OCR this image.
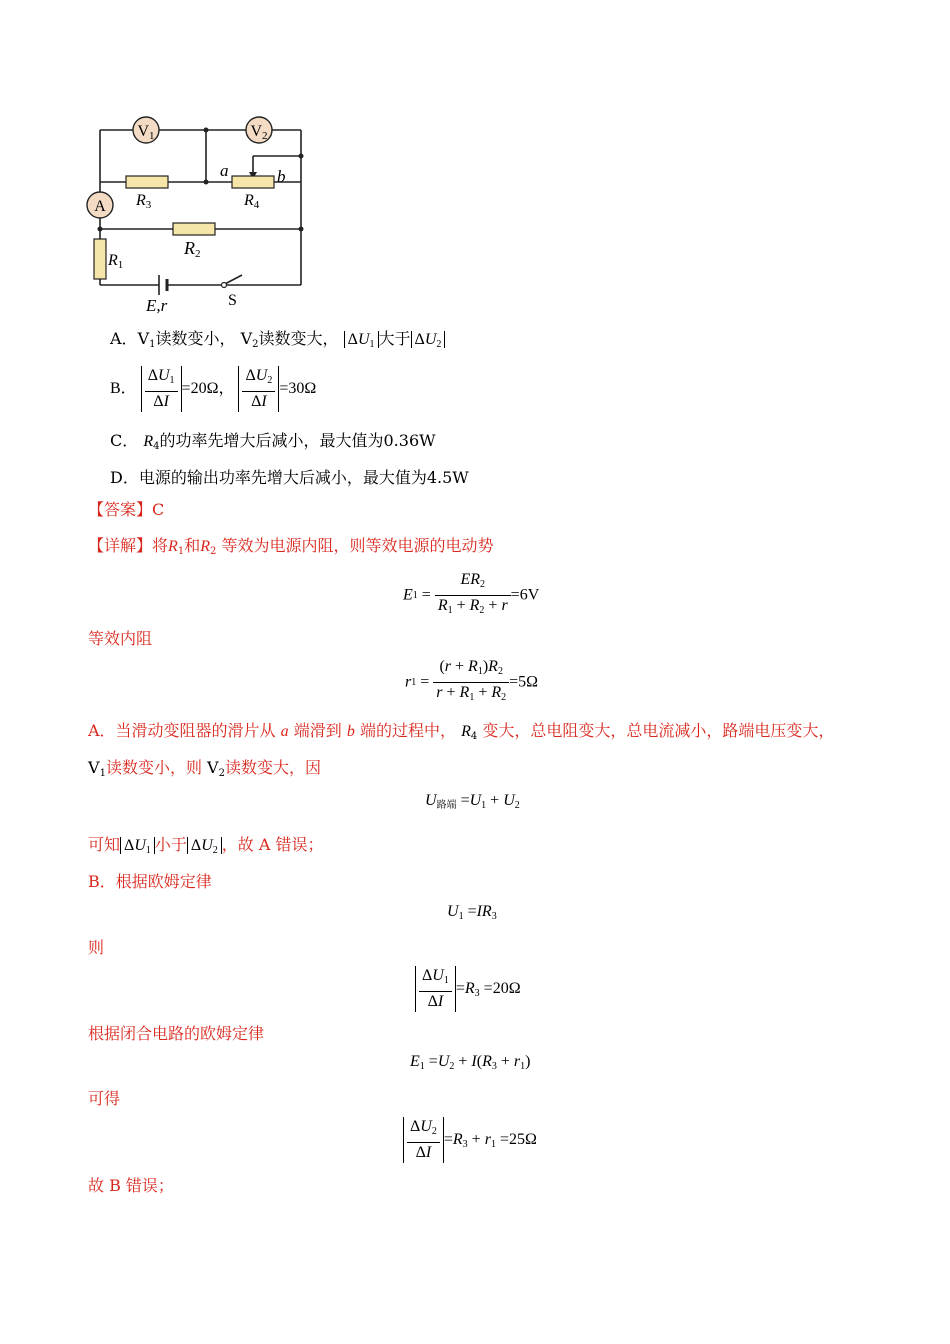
V1	V2
A
a	b
R3	R4
R2
R1
E,r	S
A．$V_1$读数变小， $V_2$读数变大， $\Delta U_1$ 大于 $\Delta U_2$
B． $\frac{\Delta U_1}{\Delta I} =20\Omega$， $\frac{\Delta U_2}{\Delta I} =30\Omega$
C． $R_4$的功率先增大后减小，最大值为0.36W
D．电源的输出功率先增大后减小，最大值为4.5W
【答案】C
【详解】将$R_1$和$R_2$ 等效为电源内阻，则等效电源的电动势
$E1 = \frac{ER_2}{R_1 + R_2 + r} =6V$
等效内阻
$r1 = \frac{(r + R_1)R_2}{r + R_1 + R_2} =5\Omega$
A．当滑动变阻器的滑片从 a 端滑到 b 端的过程中， $R_4$ 变大，总电阻变大，总电流减小，路端电压变大，
$V_1$读数变小，则 $V_2$读数变大，因
$U_{路端} =U_1 + U_2$
可知 $\Delta U_1$ 小于 $\Delta U_2$ ，故 A 错误；
B．根据欧姆定律
$U_1 =IR_3$
则
$\frac{\Delta U_1}{\Delta I} =R_3 =20\Omega$
根据闭合电路的欧姆定律
$E_1 =U_2 + I(R_3 + r_1)$
可得
$\frac{\Delta U_2}{\Delta I} =R_3 + r_1 =25\Omega$
故 B 错误；
